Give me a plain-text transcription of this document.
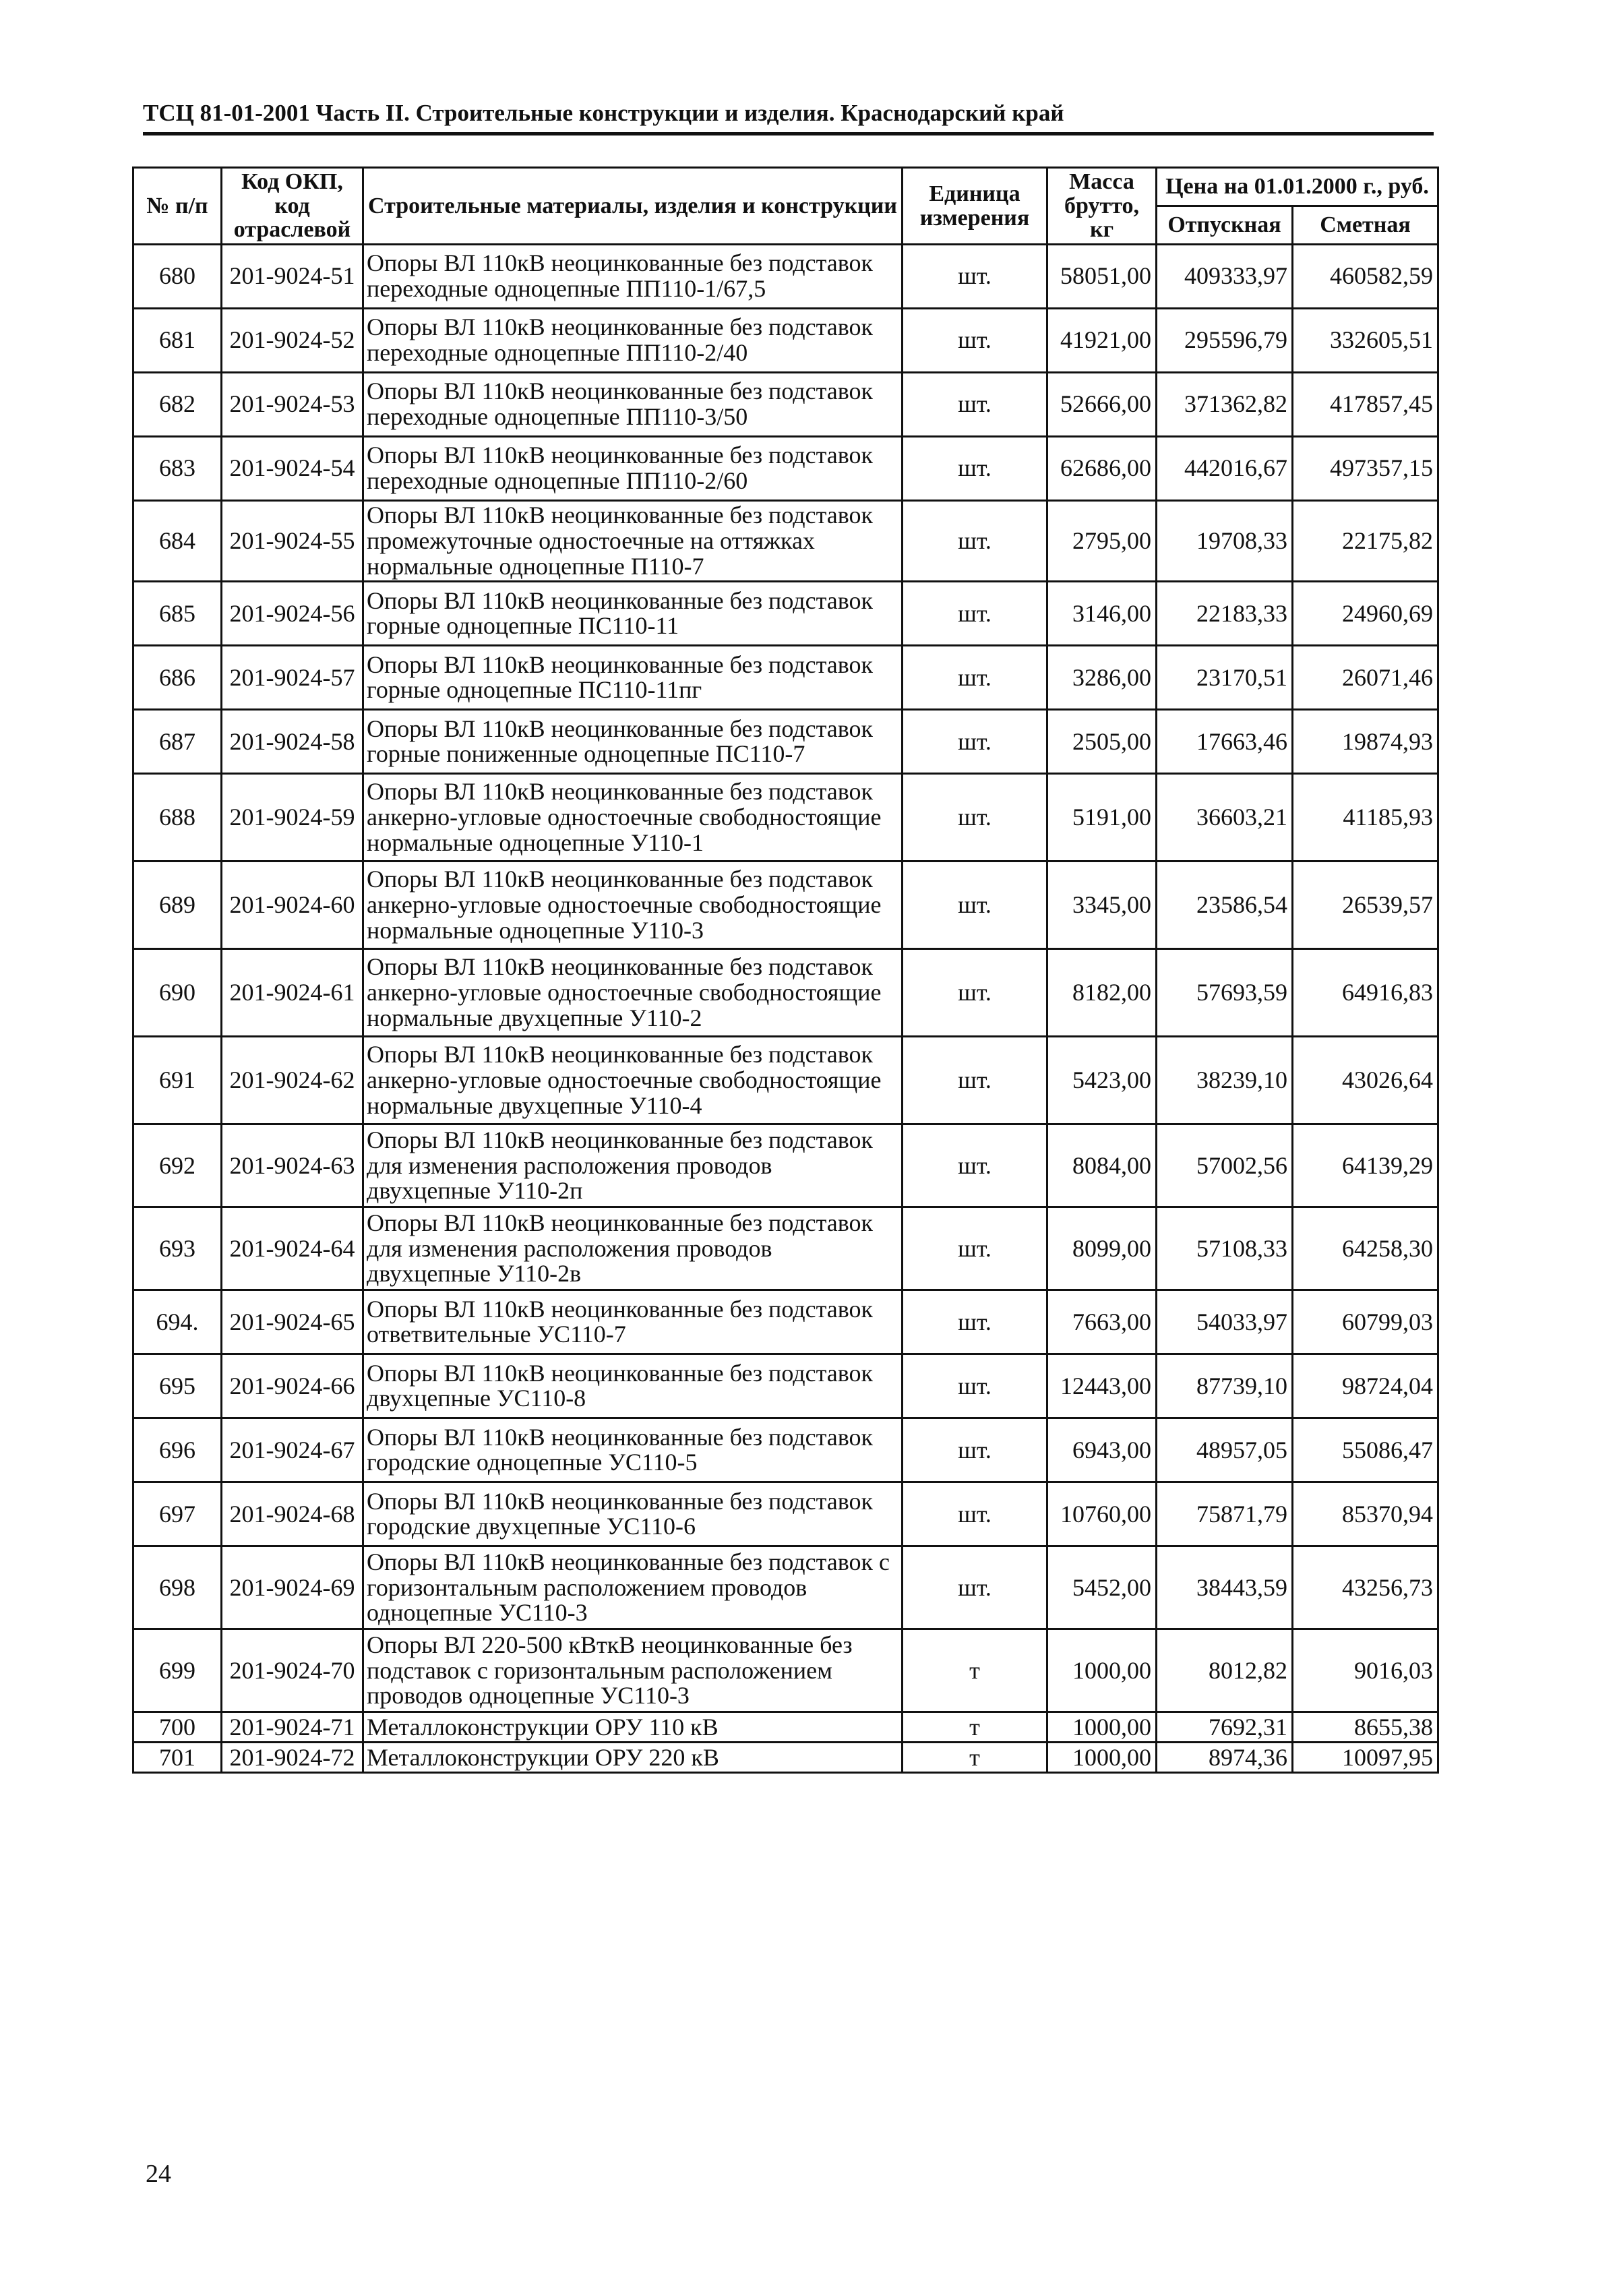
ТСЦ 81-01-2001 Часть II. Строительные конструкции и изделия. Краснодарский край
№ п/п	Код ОКП, код отраслевой	Строительные материалы, изделия и конструкции	Единица измерения	Масса брутто, кг	Цена на 01.01.2000 г., руб.	
					Отпускная	Сметная
680	201-9024-51	Опоры ВЛ 110кВ неоцинкованные без подставок переходные одноцепные ПП110-1/67,5	шт.	58051,00	409333,97	460582,59
681	201-9024-52	Опоры ВЛ 110кВ неоцинкованные без подставок переходные одноцепные ПП110-2/40	шт.	41921,00	295596,79	332605,51
682	201-9024-53	Опоры ВЛ 110кВ неоцинкованные без подставок переходные одноцепные ПП110-3/50	шт.	52666,00	371362,82	417857,45
683	201-9024-54	Опоры ВЛ 110кВ неоцинкованные без подставок переходные одноцепные ПП110-2/60	шт.	62686,00	442016,67	497357,15
684	201-9024-55	Опоры ВЛ 110кВ неоцинкованные без подставок промежуточные одностоечные на оттяжках нормальные одноцепные П110-7	шт.	2795,00	19708,33	22175,82
685	201-9024-56	Опоры ВЛ 110кВ неоцинкованные без подставок горные одноцепные ПС110-11	шт.	3146,00	22183,33	24960,69
686	201-9024-57	Опоры ВЛ 110кВ неоцинкованные без подставок горные одноцепные ПС110-11пг	шт.	3286,00	23170,51	26071,46
687	201-9024-58	Опоры ВЛ 110кВ неоцинкованные без подставок горные пониженные одноцепные ПС110-7	шт.	2505,00	17663,46	19874,93
688	201-9024-59	Опоры ВЛ 110кВ неоцинкованные без подставок анкерно-угловые одностоечные свободностоящие нормальные одноцепные У110-1	шт.	5191,00	36603,21	41185,93
689	201-9024-60	Опоры ВЛ 110кВ неоцинкованные без подставок анкерно-угловые одностоечные свободностоящие нормальные одноцепные У110-3	шт.	3345,00	23586,54	26539,57
690	201-9024-61	Опоры ВЛ 110кВ неоцинкованные без подставок анкерно-угловые одностоечные свободностоящие нормальные двухцепные У110-2	шт.	8182,00	57693,59	64916,83
691	201-9024-62	Опоры ВЛ 110кВ неоцинкованные без подставок анкерно-угловые одностоечные свободностоящие нормальные двухцепные У110-4	шт.	5423,00	38239,10	43026,64
692	201-9024-63	Опоры ВЛ 110кВ неоцинкованные без подставок для изменения расположения проводов двухцепные У110-2п	шт.	8084,00	57002,56	64139,29
693	201-9024-64	Опоры ВЛ 110кВ неоцинкованные без подставок для изменения расположения проводов двухцепные У110-2в	шт.	8099,00	57108,33	64258,30
694.	201-9024-65	Опоры ВЛ 110кВ неоцинкованные без подставок ответвительные УС110-7	шт.	7663,00	54033,97	60799,03
695	201-9024-66	Опоры ВЛ 110кВ неоцинкованные без подставок двухцепные УС110-8	шт.	12443,00	87739,10	98724,04
696	201-9024-67	Опоры ВЛ 110кВ неоцинкованные без подставок городские одноцепные УС110-5	шт.	6943,00	48957,05	55086,47
697	201-9024-68	Опоры ВЛ 110кВ неоцинкованные без подставок городские двухцепные УС110-6	шт.	10760,00	75871,79	85370,94
698	201-9024-69	Опоры ВЛ 110кВ неоцинкованные без подставок с горизонтальным расположением проводов одноцепные УС110-3	шт.	5452,00	38443,59	43256,73
699	201-9024-70	Опоры ВЛ 220-500 кВткВ неоцинкованные без подставок с горизонтальным расположением проводов одноцепные УС110-3	т	1000,00	8012,82	9016,03
700	201-9024-71	Металлоконструкции ОРУ 110 кВ	т	1000,00	7692,31	8655,38
701	201-9024-72	Металлоконструкции ОРУ 220 кВ	т	1000,00	8974,36	10097,95
24
